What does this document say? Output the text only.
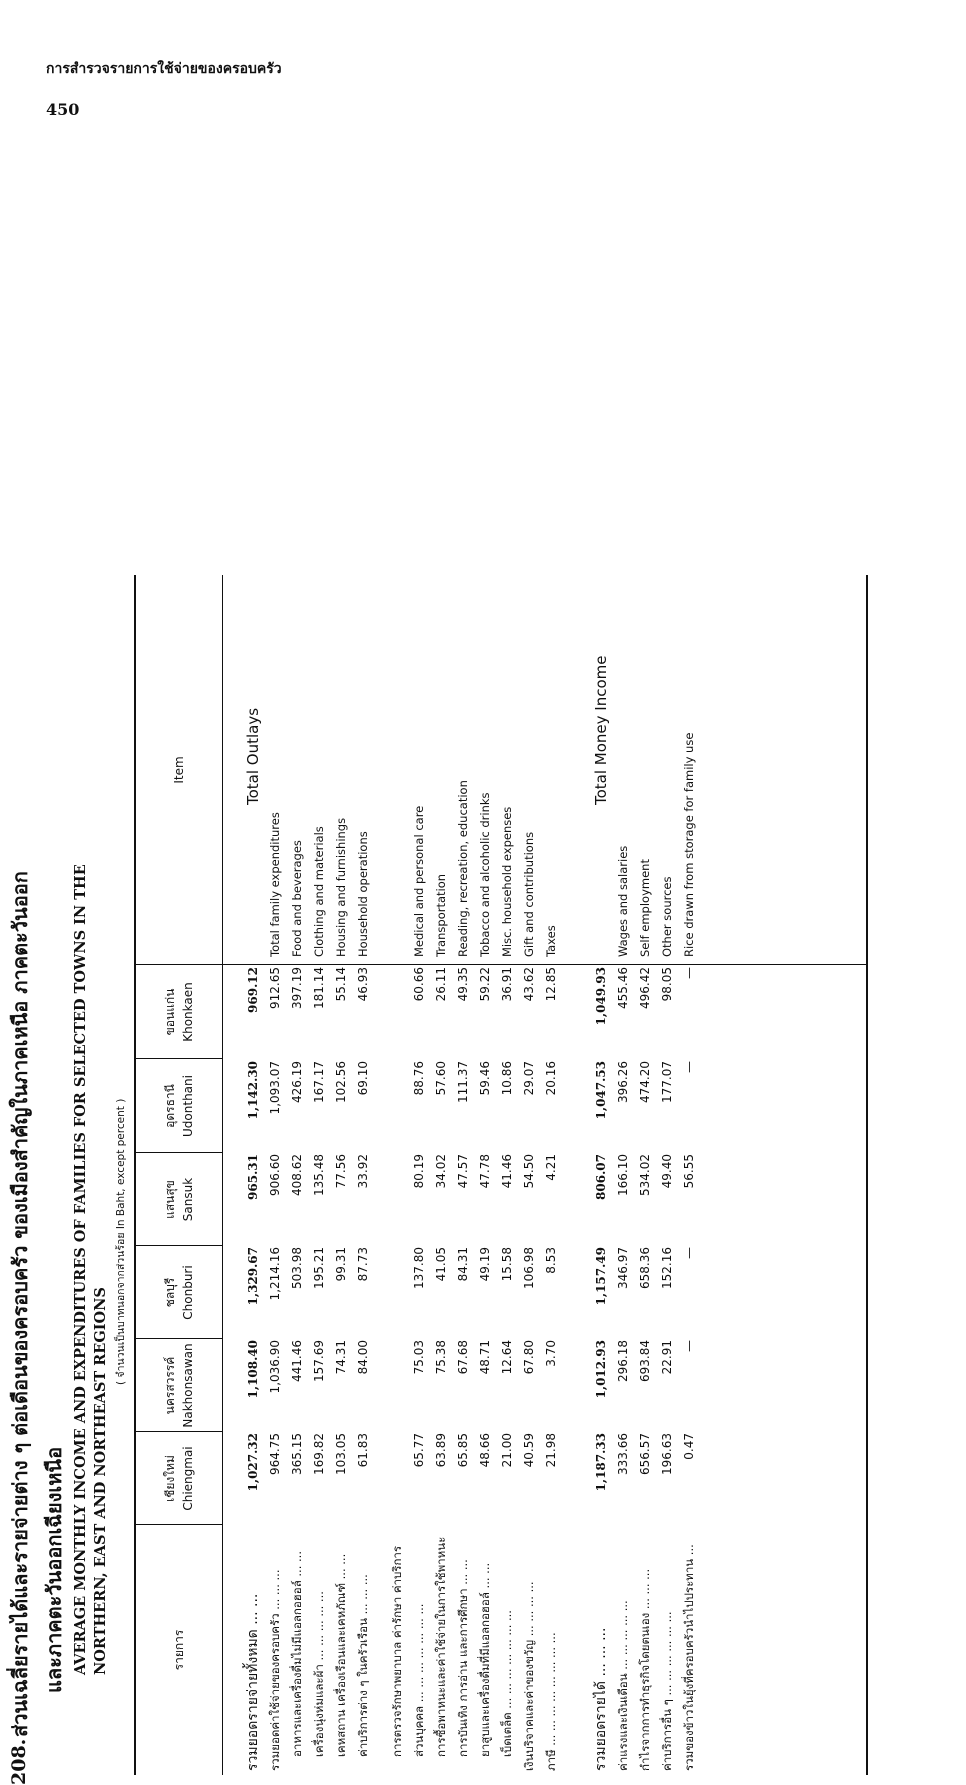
การสำรวจรายการใช้จ่ายของครอบครัว
450
208.
ส่วนเฉลี่ยรายได้และรายจ่ายต่าง ๆ ต่อเดือนของครอบครัว ของเมืองสำคัญในภาคเหนือ ภาคตะวันออก และภาคตะวันออกเฉียงเหนือ AVERAGE MONTHLY INCOME AND EXPENDITURES OF FAMILIES FOR SELECTED TOWNS IN THE NORTHERN, EAST AND NORTHEAST REGIONS
( จำนวนเป็นบาทนอกจากส่วนร้อย In Baht, except percent )
รายการ
เชียงใหม่ Chiengmai
นครสวรรค์ Nakhonsawan
ชลบุรี Chonburi
แสนสุข Sansuk
อุดรธานี Udonthani
ขอนแก่น Khonkaen
Item
รวมยอดรายจ่ายทั้งหมด ... ...
1,027.32
1,108.40
1,329.67
965.31
1,142.30
969.12
Total Outlays
รวมยอดค่าใช้จ่ายของครอบครัว ... ... ...
964.75
1,036.90
1,214.16
906.60
1,093.07
912.65
Total family expenditures
อาหารและเครื่องดื่มไม่มีแอลกอฮอล์ ... ...
365.15
441.46
503.98
408.62
426.19
397.19
Food and beverages
เครื่องนุ่งห่มและผ้า ... ... ... ... ...
169.82
157.69
195.21
135.48
167.17
181.14
Clothing and materials
เคหสถาน เครื่องเรือนและเคหภัณฑ์ ... ...
103.05
74.31
99.31
77.56
102.56
55.14
Housing and furnishings
ค่าบริการต่าง ๆ ในครัวเรือน ... ... ...
61.83
84.00
87.73
33.92
69.10
46.93
Household operations
การตรวจรักษาพยาบาล ค่ารักษา ค่าบริการ ส่วนบุคคล ... ... ... ... ... ... ...
65.77
75.03
137.80
80.19
88.76
60.66
Medical and personal care
การซื้อพาหนะและค่าใช้จ่ายในการใช้พาหนะ
63.89
75.38
41.05
34.02
57.60
26.11
Transportation
การบันเทิง การอ่าน และการศึกษา ... ...
65.85
67.68
84.31
47.57
111.37
49.35
Reading, recreation, education
ยาสูบและเครื่องดื่มที่มีแอลกอฮอล์ ... ...
48.66
48.71
49.19
47.78
59.46
59.22
Tobacco and alcoholic drinks
เบ็ดเตล็ด ... ... ... ... ... ... ...
21.00
12.64
15.58
41.46
10.86
36.91
Misc. household expenses
เงินบริจาคและค่าของขวัญ ... ... ... ...
40.59
67.80
106.98
54.50
29.07
43.62
Gift and contributions
ภาษี ... ... ... ... ... ... ... ...
21.98
3.70
8.53
4.21
20.16
12.85
Taxes
รวมยอดรายได้ ... ... ...
1,187.33
1,012.93
1,157.49
806.07
1,047.53
1,049.93
Total Money Income
ค่าแรงและเงินเดือน ... ... ... ... ...
333.66
296.18
346.97
166.10
396.26
455.46
Wages and salaries
กำไรจากการทำธุรกิจโดยตนเอง ... ... ...
656.57
693.84
658.36
534.02
474.20
496.42
Self employment
ค่าบริการอื่น ๆ ... ... ... ... ... ...
196.63
22.91
152.16
49.40
177.07
98.05
Other sources
รวมของข้าวในยุ้งที่ครอบครัวนำไปประทาน ...
0.47
—
—
56.55
—
—
Rice drawn from storage for family use
